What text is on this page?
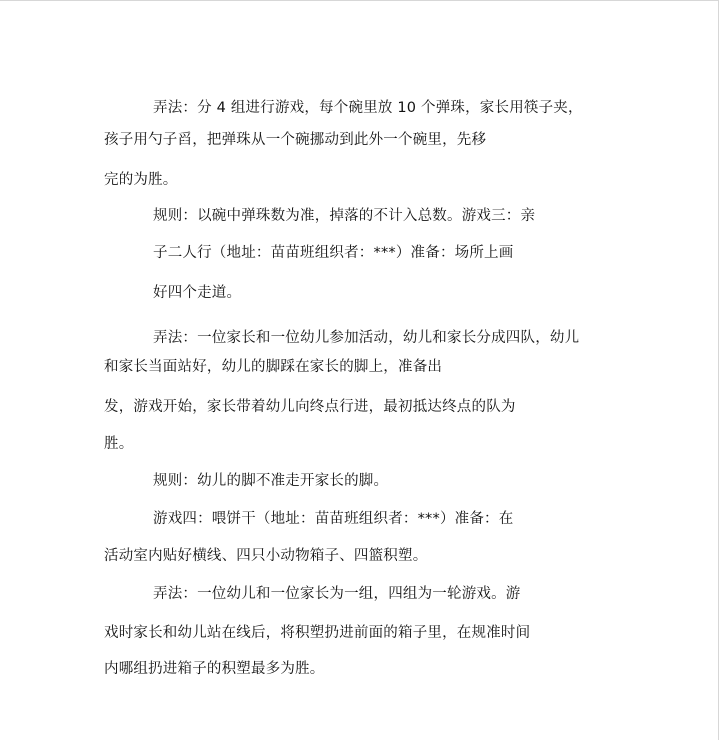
弄法：分 4 组进行游戏，每个碗里放 10 个弹珠，家长用筷子夹，
孩子用勺子舀，把弹珠从一个碗挪动到此外一个碗里，先移
完的为胜。
规则：以碗中弹珠数为准，掉落的不计入总数。游戏三：亲
子二人行（地址：苗苗班组织者：***）准备：场所上画
好四个走道。
弄法：一位家长和一位幼儿参加活动，幼儿和家长分成四队，幼儿
和家长当面站好，幼儿的脚踩在家长的脚上，准备出
发，游戏开始，家长带着幼儿向终点行进，最初抵达终点的队为
胜。
规则：幼儿的脚不准走开家长的脚。
游戏四：喂饼干（地址：苗苗班组织者：***）准备：在
活动室内贴好横线、四只小动物箱子、四篮积塑。
弄法：一位幼儿和一位家长为一组，四组为一轮游戏。游
戏时家长和幼儿站在线后，将积塑扔进前面的箱子里，在规准时间
内哪组扔进箱子的积塑最多为胜。
